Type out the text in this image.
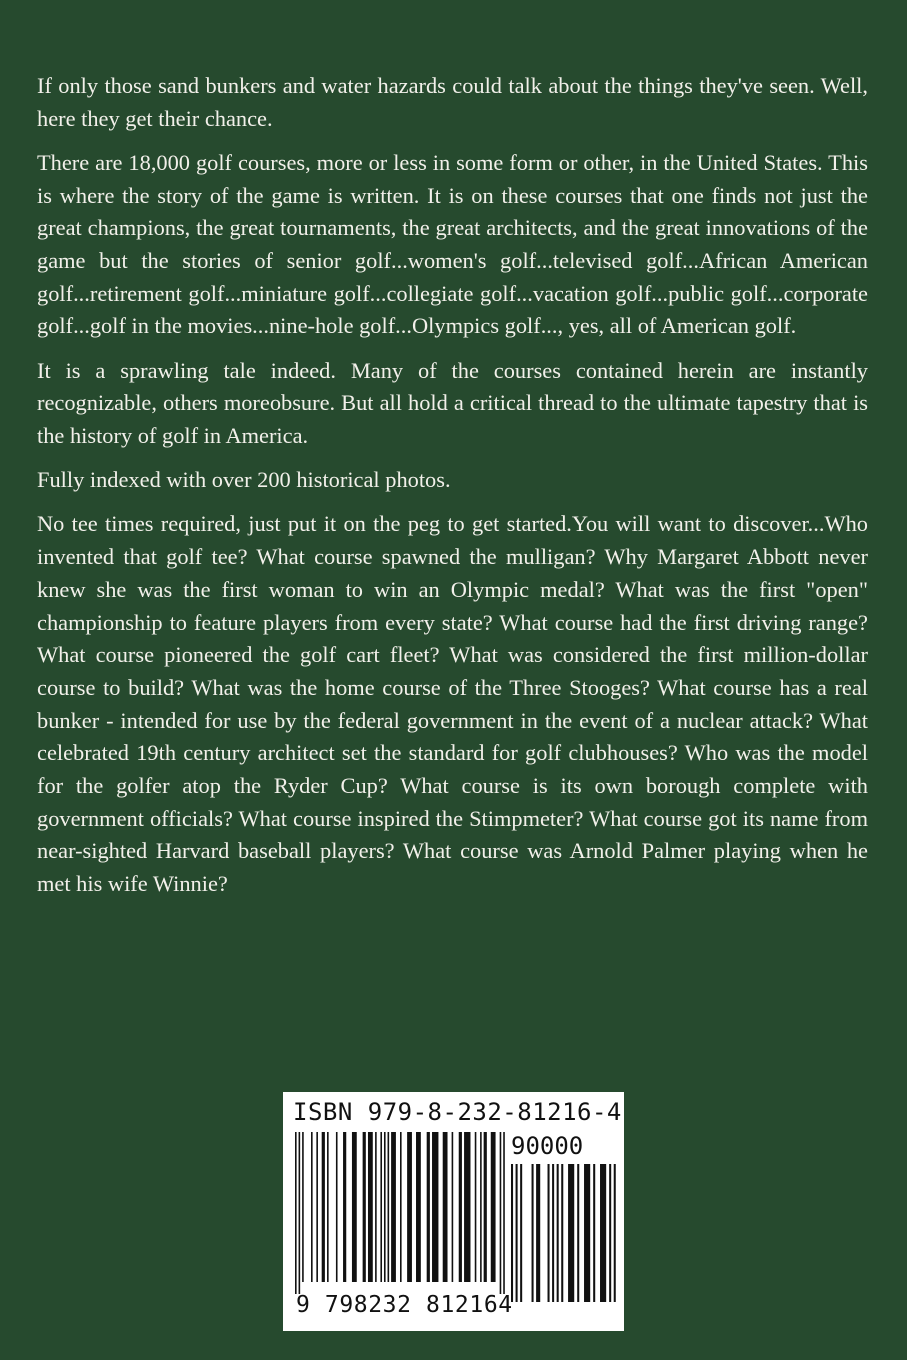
If only those sand bunkers and water hazards could talk about the things they've seen. Well, here they get their chance.

There are 18,000 golf courses, more or less in some form or other, in the United States. This is where the story of the game is written. It is on these courses that one finds not just the great champions, the great tournaments, the great architects, and the great innovations of the game but the stories of senior golf...women's golf...televised golf...African American golf...retirement golf...miniature golf...collegiate golf...vacation golf...public golf...corporate golf...golf in the movies...nine-hole golf...Olympics golf..., yes, all of American golf.

It is a sprawling tale indeed. Many of the courses contained herein are instantly recognizable, others moreobsure. But all hold a critical thread to the ultimate tapestry that is the history of golf in America.

Fully indexed with over 200 historical photos.

No tee times required, just put it on the peg to get started.You will want to discover...Who invented that golf tee? What course spawned the mulligan? Why Margaret Abbott never knew she was the first woman to win an Olympic medal? What was the first "open" championship to feature players from every state? What course had the first driving range? What course pioneered the golf cart fleet? What was considered the first million-dollar course to build? What was the home course of the Three Stooges? What course has a real bunker - intended for use by the federal government in the event of a nuclear attack? What celebrated 19th century architect set the standard for golf clubhouses? Who was the model for the golfer atop the Ryder Cup? What course is its own borough complete with government officials? What course inspired the Stimpmeter? What course got its name from near-sighted Harvard baseball players? What course was Arnold Palmer playing when he met his wife Winnie?

ISBN 979-8-232-81216-4
90000
9 798232 812164
